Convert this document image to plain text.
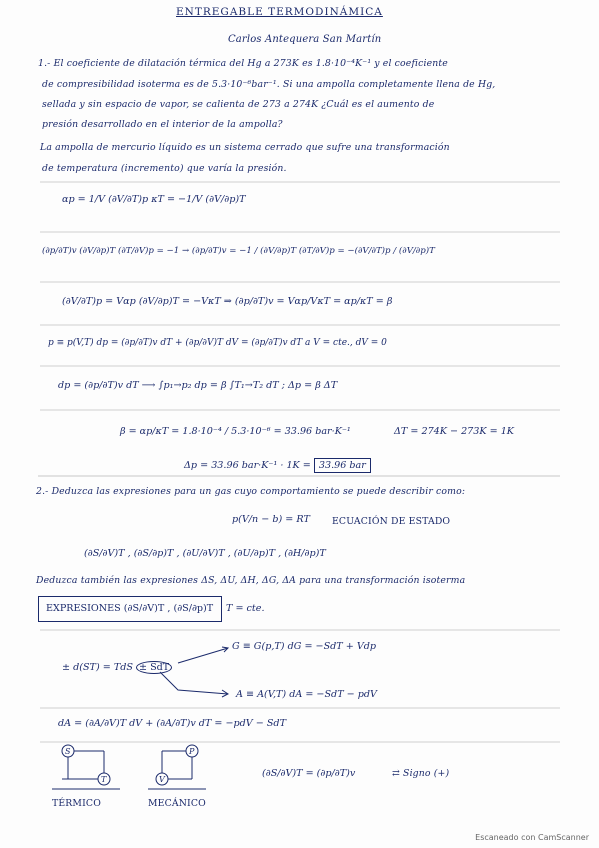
ENTREGABLE TERMODINÁMICA
Carlos Antequera San Martín
1.- El coeficiente de dilatación térmica del Hg a 273K es 1.8·10⁻⁴K⁻¹ y el coeficiente
de compresibilidad isoterma es de 5.3·10⁻⁶bar⁻¹. Si una ampolla completamente llena de Hg,
sellada y sin espacio de vapor, se calienta de 273 a 274K ¿Cuál es el aumento de
presión desarrollado en el interior de la ampolla?
La ampolla de mercurio líquido es un sistema cerrado que sufre una transformación
de temperatura (incremento) que varía la presión.
αp = 1/V (∂V/∂T)p κT = −1/V (∂V/∂p)T
(∂p/∂T)v (∂V/∂p)T (∂T/∂V)p = −1 → (∂p/∂T)v = −1 / (∂V/∂p)T (∂T/∂V)p = −(∂V/∂T)p / (∂V/∂p)T
(∂V/∂T)p = Vαp (∂V/∂p)T = −VκT ⇒ (∂p/∂T)v = Vαp/VκT = αp/κT = β
p ≡ p(V,T) dp = (∂p/∂T)v dT + (∂p/∂V)T dV = (∂p/∂T)v dT a V = cte., dV = 0
dp = (∂p/∂T)v dT ⟶ ∫p₁→p₂ dp = β ∫T₁→T₂ dT ; Δp = β ΔT
β = αp/κT = 1.8·10⁻⁴ / 5.3·10⁻⁶ = 33.96 bar·K⁻¹	ΔT = 274K − 273K = 1K
Δp = 33.96 bar·K⁻¹ · 1K = 33.96 bar
2.- Deduzca las expresiones para un gas cuyo comportamiento se puede describir como:
p(V/n − b) = RT ECUACIÓN DE ESTADO
(∂S/∂V)T , (∂S/∂p)T , (∂U/∂V)T , (∂U/∂p)T , (∂H/∂p)T
Deduzca también las expresiones ΔS, ΔU, ΔH, ΔG, ΔA para una transformación isoterma
EXPRESIONES (∂S/∂V)T , (∂S/∂p)T T = cte.
± d(ST) = TdS ± SdT
G ≡ G(p,T) dG = −SdT + Vdp
A ≡ A(V,T) dA = −SdT − pdV
dA = (∂A/∂V)T dV + (∂A/∂T)v dT = −pdV − SdT
(∂S/∂V)T = (∂p/∂T)v	⇄ Signo (+)
S
T
P
V
TÉRMICO	MECÁNICO
Escaneado con CamScanner
